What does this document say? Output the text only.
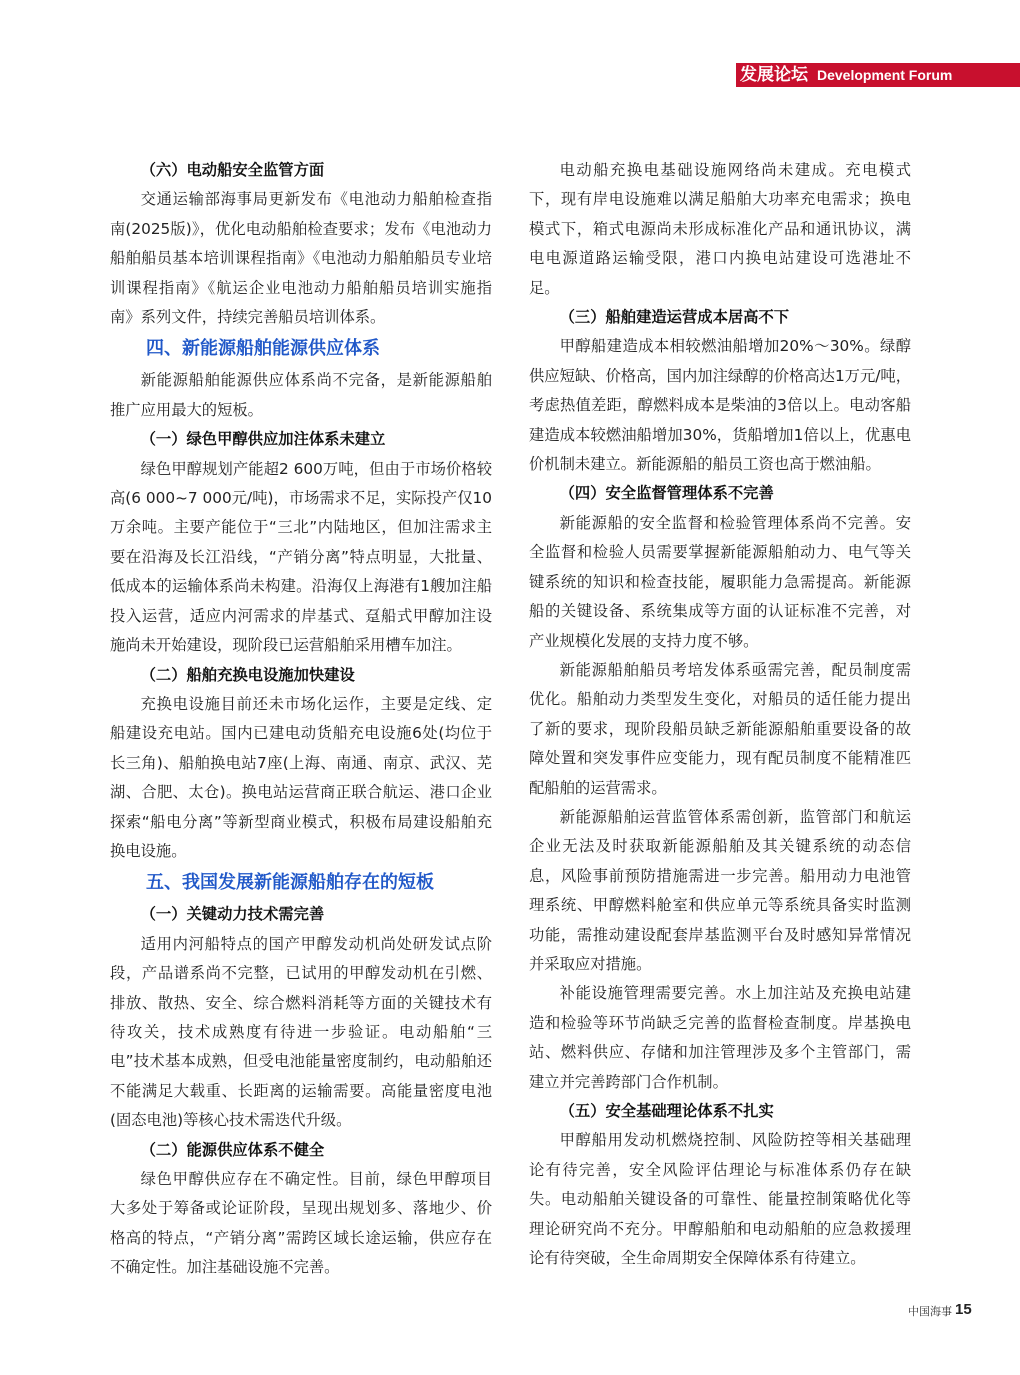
发展论坛 Development Forum

（六）电动船安全监管方面

交通运输部海事局更新发布《电池动力船舶检查指南(2025版)》，优化电动船舶检查要求；发布《电池动力船舶船员基本培训课程指南》《电池动力船舶船员专业培训课程指南》《航运企业电池动力船舶船员培训实施指南》系列文件，持续完善船员培训体系。

四、新能源船舶能源供应体系

新能源船舶能源供应体系尚不完备，是新能源船舶推广应用最大的短板。

（一）绿色甲醇供应加注体系未建立

绿色甲醇规划产能超2 600万吨，但由于市场价格较高(6 000~7 000元/吨)，市场需求不足，实际投产仅10万余吨。主要产能位于“三北”内陆地区，但加注需求主要在沿海及长江沿线，“产销分离”特点明显，大批量、低成本的运输体系尚未构建。沿海仅上海港有1艘加注船投入运营，适应内河需求的岸基式、趸船式甲醇加注设施尚未开始建设，现阶段已运营船舶采用槽车加注。

（二）船舶充换电设施加快建设

充换电设施目前还未市场化运作，主要是定线、定船建设充电站。国内已建电动货船充电设施6处(均位于长三角)、船舶换电站7座(上海、南通、南京、武汉、芜湖、合肥、太仓)。换电站运营商正联合航运、港口企业探索“船电分离”等新型商业模式，积极布局建设船舶充换电设施。

五、我国发展新能源船舶存在的短板

（一）关键动力技术需完善

适用内河船特点的国产甲醇发动机尚处研发试点阶段，产品谱系尚不完整，已试用的甲醇发动机在引燃、排放、散热、安全、综合燃料消耗等方面的关键技术有待攻关，技术成熟度有待进一步验证。电动船舶“三电”技术基本成熟，但受电池能量密度制约，电动船舶还不能满足大载重、长距离的运输需要。高能量密度电池(固态电池)等核心技术需迭代升级。

（二）能源供应体系不健全

绿色甲醇供应存在不确定性。目前，绿色甲醇项目大多处于筹备或论证阶段，呈现出规划多、落地少、价格高的特点，“产销分离”需跨区域长途运输，供应存在不确定性。加注基础设施不完善。

电动船充换电基础设施网络尚未建成。充电模式下，现有岸电设施难以满足船舶大功率充电需求；换电模式下，箱式电源尚未形成标准化产品和通讯协议，满电电源道路运输受限，港口内换电站建设可选港址不足。

（三）船舶建造运营成本居高不下

甲醇船建造成本相较燃油船增加20%～30%。绿醇供应短缺、价格高，国内加注绿醇的价格高达1万元/吨，考虑热值差距，醇燃料成本是柴油的3倍以上。电动客船建造成本较燃油船增加30%，货船增加1倍以上，优惠电价机制未建立。新能源船的船员工资也高于燃油船。

（四）安全监督管理体系不完善

新能源船的安全监督和检验管理体系尚不完善。安全监督和检验人员需要掌握新能源船舶动力、电气等关键系统的知识和检查技能，履职能力急需提高。新能源船的关键设备、系统集成等方面的认证标准不完善，对产业规模化发展的支持力度不够。

新能源船舶船员考培发体系亟需完善，配员制度需优化。船舶动力类型发生变化，对船员的适任能力提出了新的要求，现阶段船员缺乏新能源船舶重要设备的故障处置和突发事件应变能力，现有配员制度不能精准匹配船舶的运营需求。

新能源船舶运营监管体系需创新，监管部门和航运企业无法及时获取新能源船舶及其关键系统的动态信息，风险事前预防措施需进一步完善。船用动力电池管理系统、甲醇燃料舱室和供应单元等系统具备实时监测功能，需推动建设配套岸基监测平台及时感知异常情况并采取应对措施。

补能设施管理需要完善。水上加注站及充换电站建造和检验等环节尚缺乏完善的监督检查制度。岸基换电站、燃料供应、存储和加注管理涉及多个主管部门，需建立并完善跨部门合作机制。

（五）安全基础理论体系不扎实

甲醇船用发动机燃烧控制、风险防控等相关基础理论有待完善，安全风险评估理论与标准体系仍存在缺失。电动船舶关键设备的可靠性、能量控制策略优化等理论研究尚不充分。甲醇船舶和电动船舶的应急救援理论有待突破，全生命周期安全保障体系有待建立。

中国海事 15
